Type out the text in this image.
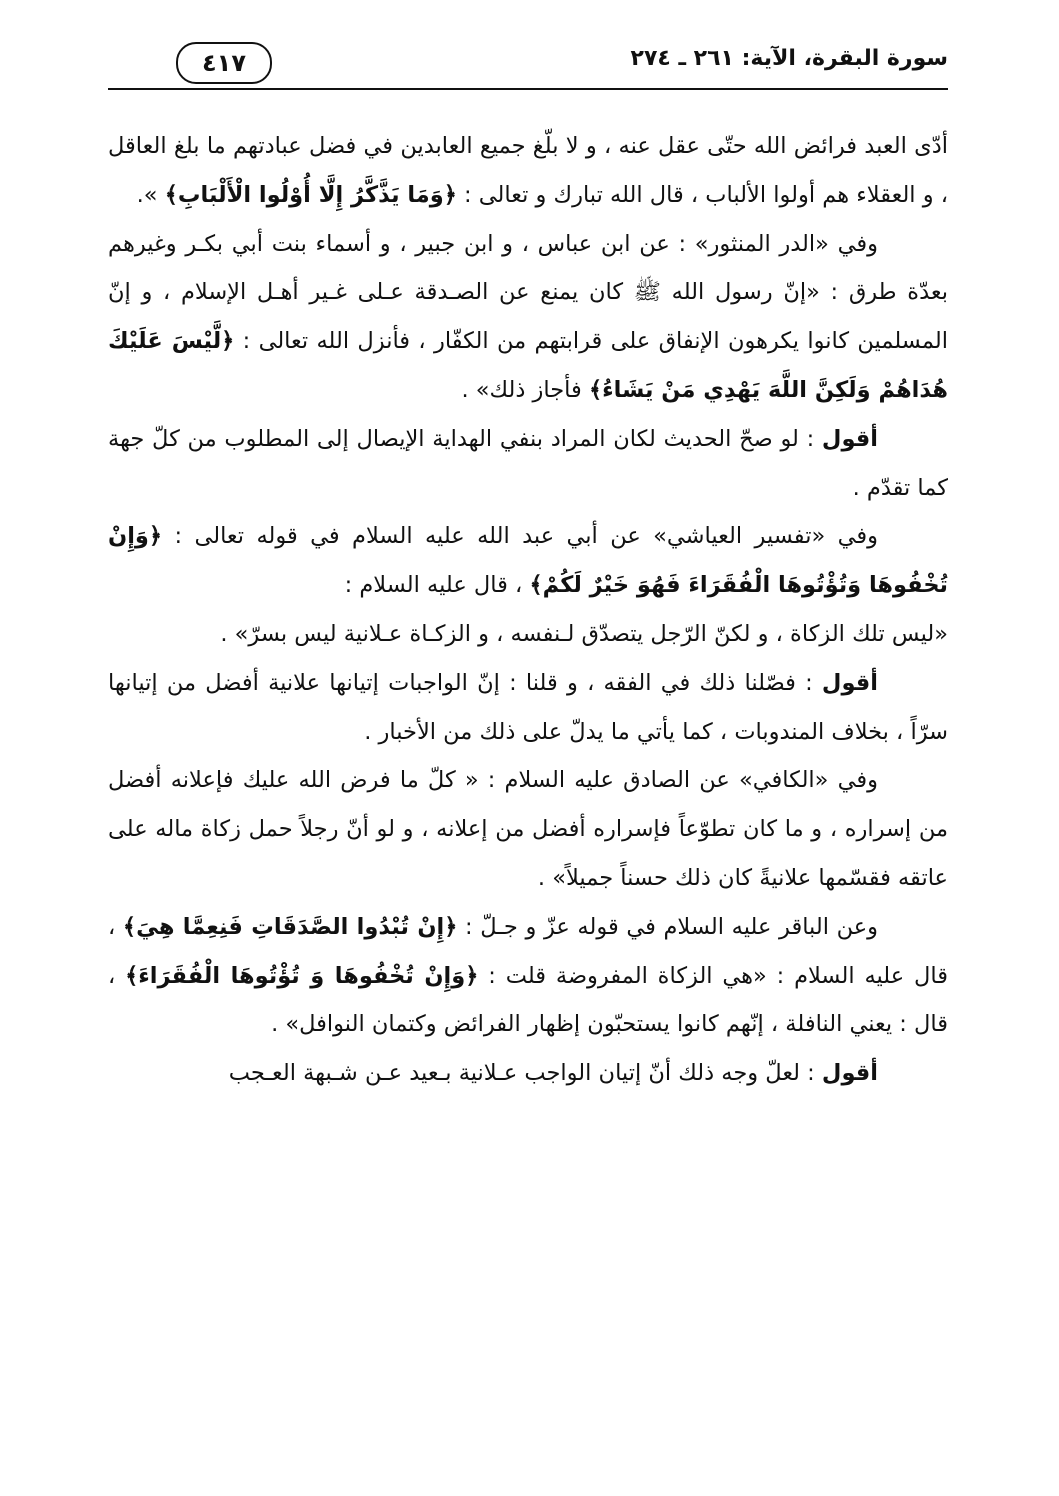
سورة البقرة، الآية: ٢٦١ ـ ٢٧٤
٤١٧

أدّى العبد فرائض الله حتّى عقل عنه ، و لا بلّغ جميع العابدين في فضل عبادتهم ما بلغ العاقل ، و العقلاء هم أولوا الألباب ، قال الله تبارك و تعالى : ﴿وَمَا يَذَّكَّرُ إِلَّا أُوْلُوا الْأَلْبَابِ﴾ ».

وفي «الدر المنثور» : عن ابن عباس ، و ابن جبير ، و أسماء بنت أبي بكـر وغيرهم بعدّة طرق : «إنّ رسول الله ﷺ كان يمنع عن الصـدقة عـلى غـير أهـل الإسلام ، و إنّ المسلمين كانوا يكرهون الإنفاق على قرابتهم من الكفّار ، فأنزل الله تعالى : ﴿لَّيْسَ عَلَيْكَ هُدَاهُمْ وَلَكِنَّ اللَّهَ يَهْدِي مَنْ يَشَاءُ﴾ فأجاز ذلك» .

أقول : لو صحّ الحديث لكان المراد بنفي الهداية الإيصال إلى المطلوب من كلّ جهة كما تقدّم .

وفي «تفسير العياشي» عن أبي عبد الله عليه السلام في قوله تعالى : ﴿وَإِنْ تُخْفُوهَا وَتُؤْتُوهَا الْفُقَرَاءَ فَهُوَ خَيْرٌ لَكُمْ﴾ ، قال عليه السلام :

«ليس تلك الزكاة ، و لكنّ الرّجل يتصدّق لـنفسه ، و الزكـاة عـلانية ليس بسرّ» .

أقول : فصّلنا ذلك في الفقه ، و قلنا : إنّ الواجبات إتيانها علانية أفضل من إتيانها سرّاً ، بخلاف المندوبات ، كما يأتي ما يدلّ على ذلك من الأخبار .

وفي «الكافي» عن الصادق عليه السلام : « كلّ ما فرض الله عليك فإعلانه أفضل من إسراره ، و ما كان تطوّعاً فإسراره أفضل من إعلانه ، و لو أنّ رجلاً حمل زكاة ماله على عاتقه فقسّمها علانيةً كان ذلك حسناً جميلاً» .

وعن الباقر عليه السلام في قوله عزّ و جـلّ : ﴿إِنْ تُبْدُوا الصَّدَقَاتِ فَنِعِمَّا هِيَ﴾ ، قال عليه السلام : «هي الزكاة المفروضة قلت : ﴿وَإِنْ تُخْفُوهَا وَ تُؤْتُوهَا الْفُقَرَاءَ﴾ ، قال : يعني النافلة ، إنّهم كانوا يستحبّون إظهار الفرائض وكتمان النوافل» .

أقول : لعلّ وجه ذلك أنّ إتيان الواجب عـلانية بـعيد عـن شـبهة العـجب
